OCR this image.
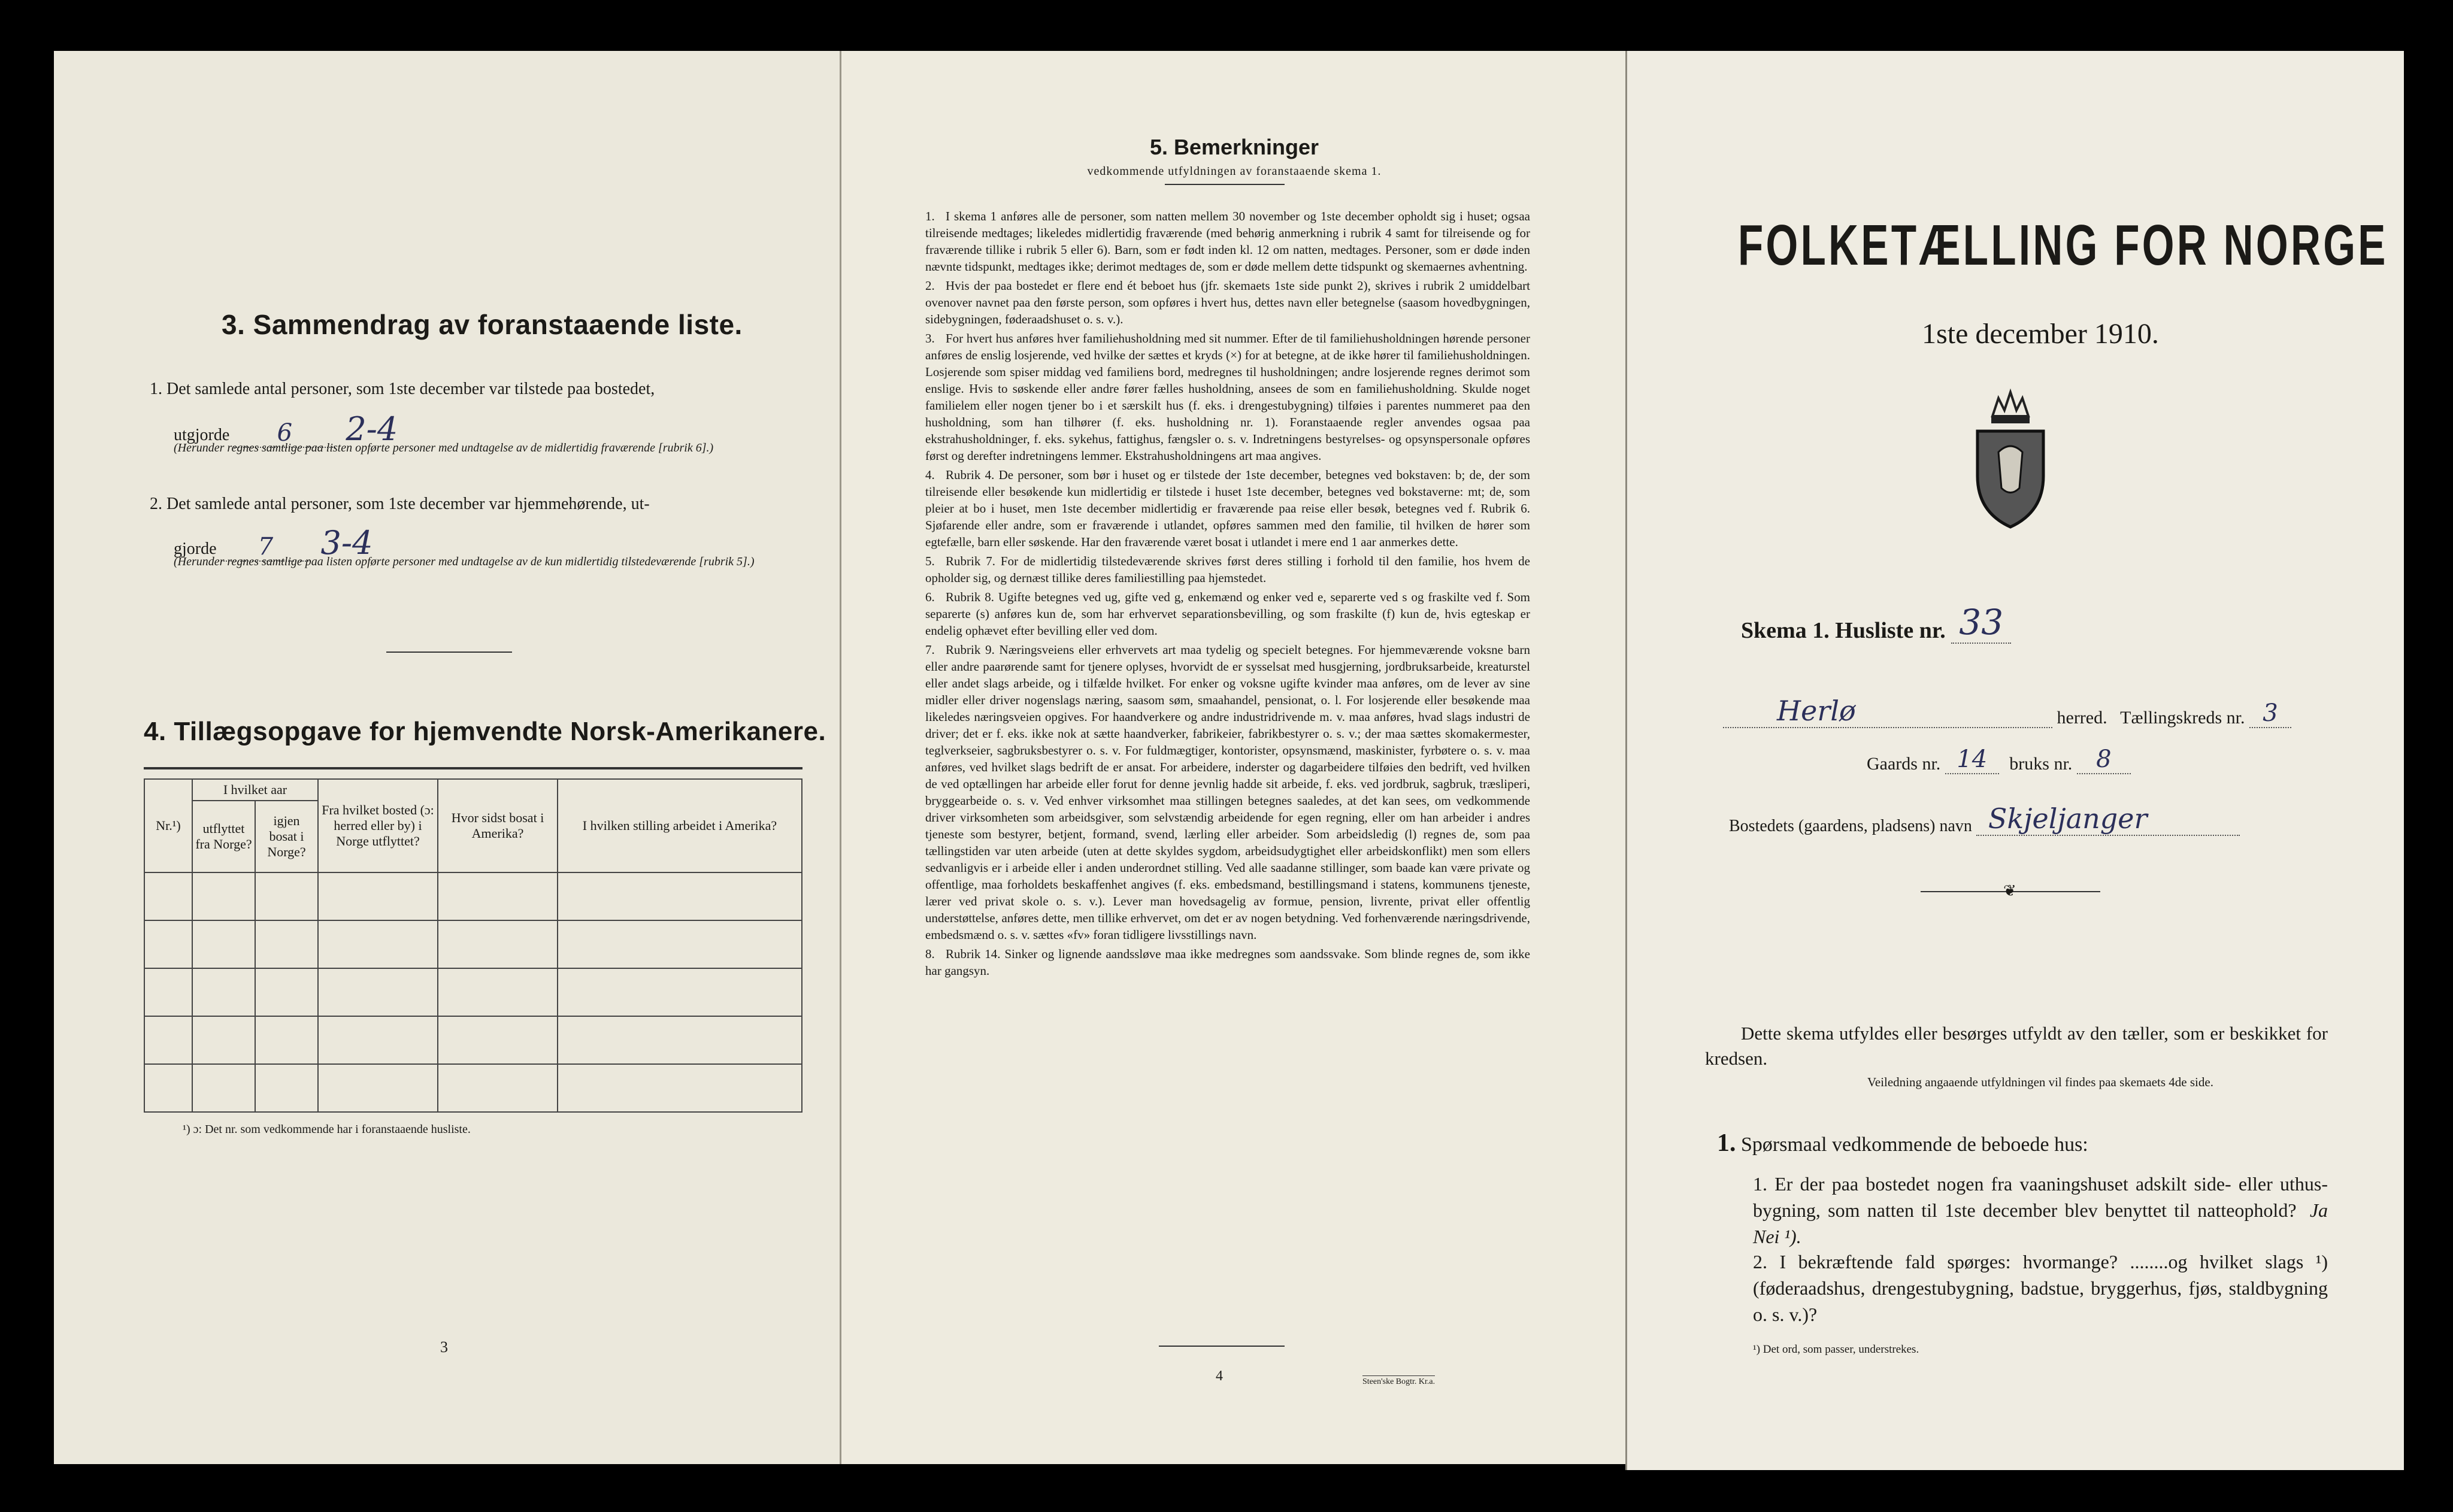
3. Sammendrag av foranstaaende liste.
1. Det samlede antal personer, som 1ste december var tilstede paa bostedet,
utgjorde 6 2-4
(Herunder regnes samtlige paa listen opførte personer med undtagelse av de midlertidig fraværende [rubrik 6].)
2. Det samlede antal personer, som 1ste december var hjemmehørende, ut-
gjorde 7 3-4
(Herunder regnes samtlige paa listen opførte personer med undtagelse av de kun midlertidig tilstedeværende [rubrik 5].)
4. Tillægsopgave for hjemvendte Norsk-Amerikanere.
Nr.¹)	I hvilket aar		Fra hvilket bosted (ɔ: herred eller by) i Norge utflyttet?	Hvor sidst bosat i Amerika?	I hvilken stilling arbeidet i Amerika?
	utflyttet fra Norge?	igjen bosat i Norge?			

¹) ɔ: Det nr. som vedkommende har i foranstaaende husliste.
3
5. Bemerkninger
vedkommende utfyldningen av foranstaaende skema 1.

1. I skema 1 anføres alle de personer, som natten mellem 30 november og 1ste december opholdt sig i huset; ogsaa tilreisende medtages; likeledes midlertidig fraværende (med behørig anmerkning i rubrik 4 samt for tilreisende og for fraværende tillike i rubrik 5 eller 6). Barn, som er født inden kl. 12 om natten, medtages. Personer, som er døde inden nævnte tidspunkt, medtages ikke; derimot medtages de, som er døde mellem dette tidspunkt og skemaernes avhentning.

2. Hvis der paa bostedet er flere end ét beboet hus (jfr. skemaets 1ste side punkt 2), skrives i rubrik 2 umiddelbart ovenover navnet paa den første person, som opføres i hvert hus, dettes navn eller betegnelse (saasom hovedbygningen, sidebygningen, føderaadshuset o. s. v.).

3. For hvert hus anføres hver familiehusholdning med sit nummer. Efter de til familiehusholdningen hørende personer anføres de enslig losjerende, ved hvilke der sættes et kryds (×) for at betegne, at de ikke hører til familiehusholdningen. Losjerende som spiser middag ved familiens bord, medregnes til husholdningen; andre losjerende regnes derimot som enslige. Hvis to søskende eller andre fører fælles husholdning, ansees de som en familiehusholdning. Skulde noget familielem eller nogen tjener bo i et særskilt hus (f. eks. i drengestubygning) tilføies i parentes nummeret paa den husholdning, som han tilhører (f. eks. husholdning nr. 1). Foranstaaende regler anvendes ogsaa paa ekstrahusholdninger, f. eks. sykehus, fattighus, fængsler o. s. v. Indretningens bestyrelses- og opsynspersonale opføres først og derefter indretningens lemmer. Ekstrahusholdningens art maa angives.

4. Rubrik 4. De personer, som bør i huset og er tilstede der 1ste december, betegnes ved bokstaven: b; de, der som tilreisende eller besøkende kun midlertidig er tilstede i huset 1ste december, betegnes ved bokstaverne: mt; de, som pleier at bo i huset, men 1ste december midlertidig er fraværende paa reise eller besøk, betegnes ved f. Rubrik 6. Sjøfarende eller andre, som er fraværende i utlandet, opføres sammen med den familie, til hvilken de hører som egtefælle, barn eller søskende. Har den fraværende været bosat i utlandet i mere end 1 aar anmerkes dette.

5. Rubrik 7. For de midlertidig tilstedeværende skrives først deres stilling i forhold til den familie, hos hvem de opholder sig, og dernæst tillike deres familiestilling paa hjemstedet.

6. Rubrik 8. Ugifte betegnes ved ug, gifte ved g, enkemænd og enker ved e, separerte ved s og fraskilte ved f. Som separerte (s) anføres kun de, som har erhvervet separationsbevilling, og som fraskilte (f) kun de, hvis egteskap er endelig ophævet efter bevilling eller ved dom.

7. Rubrik 9. Næringsveiens eller erhvervets art maa tydelig og specielt betegnes. For hjemmeværende voksne barn eller andre paarørende samt for tjenere oplyses, hvorvidt de er sysselsat med husgjerning, jordbruksarbeide, kreaturstel eller andet slags arbeide, og i tilfælde hvilket. For enker og voksne ugifte kvinder maa anføres, om de lever av sine midler eller driver nogenslags næring, saasom søm, smaahandel, pensionat, o. l. For losjerende eller besøkende maa likeledes næringsveien opgives. For haandverkere og andre industridrivende m. v. maa anføres, hvad slags industri de driver; det er f. eks. ikke nok at sætte haandverker, fabrikeier, fabrikbestyrer o. s. v.; der maa sættes skomakermester, teglverkseier, sagbruksbestyrer o. s. v. For fuldmægtiger, kontorister, opsynsmænd, maskinister, fyrbøtere o. s. v. maa anføres, ved hvilket slags bedrift de er ansat. For arbeidere, inderster og dagarbeidere tilføies den bedrift, ved hvilken de ved optællingen har arbeide eller forut for denne jevnlig hadde sit arbeide, f. eks. ved jordbruk, sagbruk, træsliperi, bryggearbeide o. s. v. Ved enhver virksomhet maa stillingen betegnes saaledes, at det kan sees, om vedkommende driver virksomheten som arbeidsgiver, som selvstændig arbeidende for egen regning, eller om han arbeider i andres tjeneste som bestyrer, betjent, formand, svend, lærling eller arbeider. Som arbeidsledig (l) regnes de, som paa tællingstiden var uten arbeide (uten at dette skyldes sygdom, arbeidsudygtighet eller arbeidskonflikt) men som ellers sedvanligvis er i arbeide eller i anden underordnet stilling. Ved alle saadanne stillinger, som baade kan være private og offentlige, maa forholdets beskaffenhet angives (f. eks. embedsmand, bestillingsmand i statens, kommunens tjeneste, lærer ved privat skole o. s. v.). Lever man hovedsagelig av formue, pension, livrente, privat eller offentlig understøttelse, anføres dette, men tillike erhvervet, om det er av nogen betydning. Ved forhenværende næringsdrivende, embedsmænd o. s. v. sættes «fv» foran tidligere livsstillings navn.

8. Rubrik 14. Sinker og lignende aandssløve maa ikke medregnes som aandssvake. Som blinde regnes de, som ikke har gangsyn.

4	Steen'ske Bogtr. Kr.a.
FOLKETÆLLING FOR NORGE
1ste december 1910.
Skema 1. Husliste nr. 33
Herlø	herred. Tællingskreds nr. 3
Gaards nr. 14 bruks nr. 8
Bostedets (gaardens, pladsens) navn Skjeljanger
❦
Dette skema utfyldes eller besørges utfyldt av den tæller, som er beskikket for kredsen.
Veiledning angaaende utfyldningen vil findes paa skemaets 4de side.
1. Spørsmaal vedkommende de beboede hus:
1. Er der paa bostedet nogen fra vaaningshuset adskilt side- eller uthus-bygning, som natten til 1ste december blev benyttet til natteophold? Ja Nei ¹).
2. I bekræftende fald spørges: hvormange? ........og hvilket slags ¹) (føderaadshus, drengestubygning, badstue, bryggerhus, fjøs, staldbygning o. s. v.)?
¹) Det ord, som passer, understrekes.
